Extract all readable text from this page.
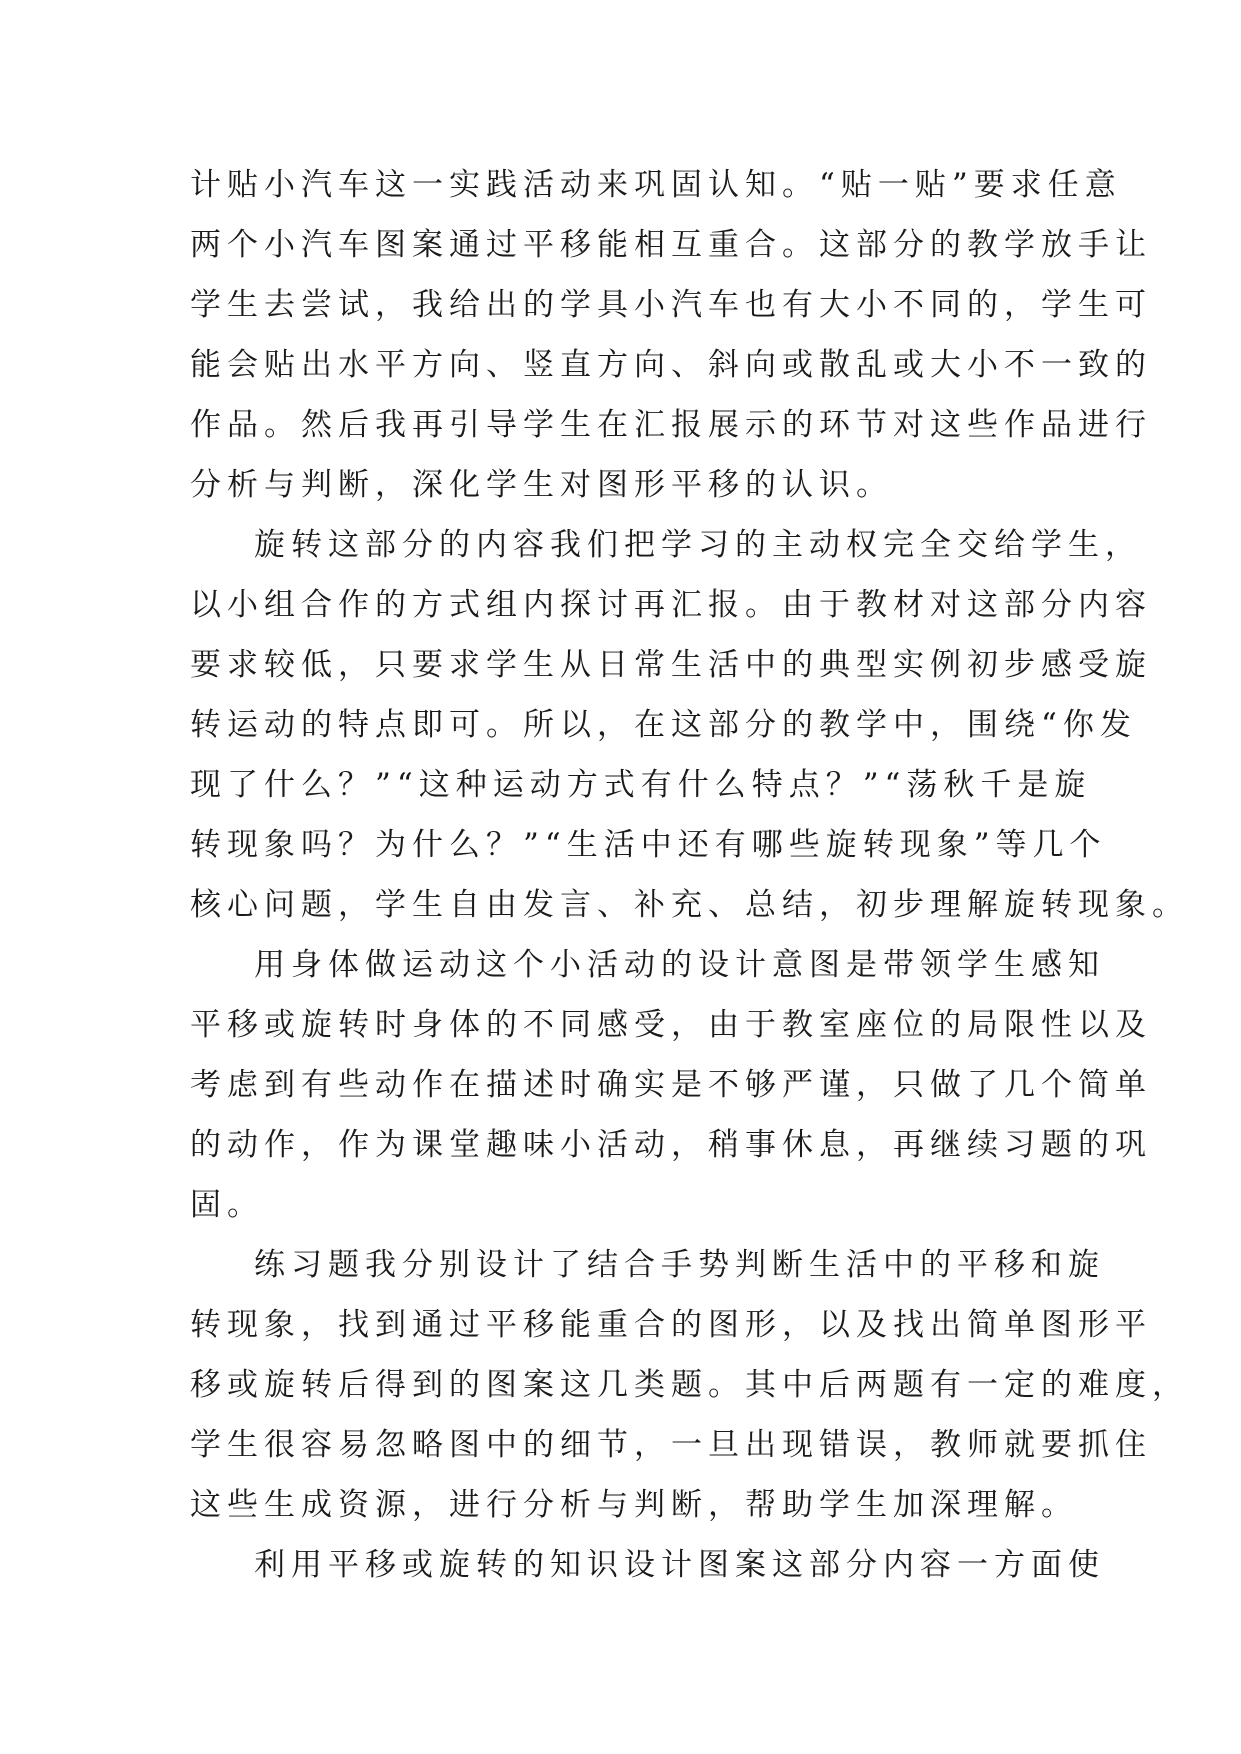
计贴小汽车这一实践活动来巩固认知。“贴一贴”要求任意
两个小汽车图案通过平移能相互重合。这部分的教学放手让
学生去尝试，我给出的学具小汽车也有大小不同的，学生可
能会贴出水平方向、竖直方向、斜向或散乱或大小不一致的
作品。然后我再引导学生在汇报展示的环节对这些作品进行
分析与判断，深化学生对图形平移的认识。
旋转这部分的内容我们把学习的主动权完全交给学生，
以小组合作的方式组内探讨再汇报。由于教材对这部分内容
要求较低，只要求学生从日常生活中的典型实例初步感受旋
转运动的特点即可。所以，在这部分的教学中，围绕“你发
现了什么？”“这种运动方式有什么特点？”“荡秋千是旋
转现象吗？为什么？”“生活中还有哪些旋转现象”等几个
核心问题，学生自由发言、补充、总结，初步理解旋转现象。
用身体做运动这个小活动的设计意图是带领学生感知
平移或旋转时身体的不同感受，由于教室座位的局限性以及
考虑到有些动作在描述时确实是不够严谨，只做了几个简单
的动作，作为课堂趣味小活动，稍事休息，再继续习题的巩
固。
练习题我分别设计了结合手势判断生活中的平移和旋
转现象，找到通过平移能重合的图形，以及找出简单图形平
移或旋转后得到的图案这几类题。其中后两题有一定的难度，
学生很容易忽略图中的细节，一旦出现错误，教师就要抓住
这些生成资源，进行分析与判断，帮助学生加深理解。
利用平移或旋转的知识设计图案这部分内容一方面使
